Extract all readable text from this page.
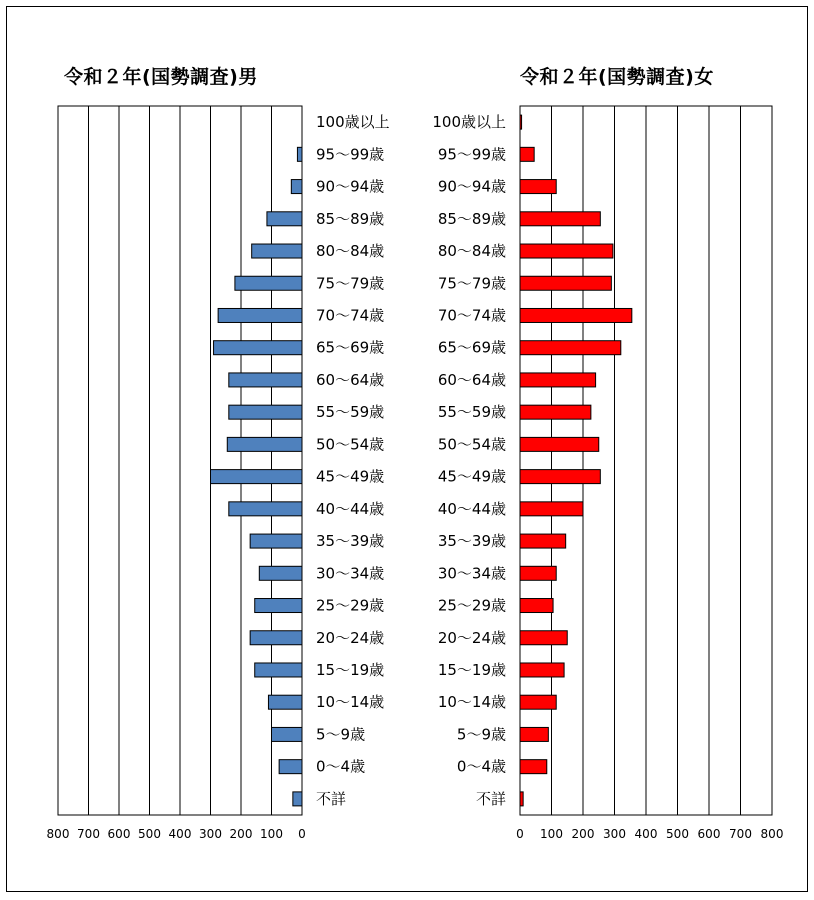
令和２年(国勢調査)男	令和２年(国勢調査)女
100歳以上	100歳以上
95～99歳	95～99歳
90～94歳	90～94歳
85～89歳	85～89歳
80～84歳	80～84歳
75～79歳	75～79歳
70～74歳	70～74歳
65～69歳	65～69歳
60～64歳	60～64歳
55～59歳	55～59歳
50～54歳	50～54歳
45～49歳	45～49歳
40～44歳	40～44歳
35～39歳	35～39歳
30～34歳	30～34歳
25～29歳	25～29歳
20～24歳	20～24歳
15～19歳	15～19歳
10～14歳	10～14歳
5～9歳	5～9歳
0～4歳	0～4歳
不詳	不詳
800 700 600 500 400 300 200 100 0	0 100 200 300 400 500 600 700 800
